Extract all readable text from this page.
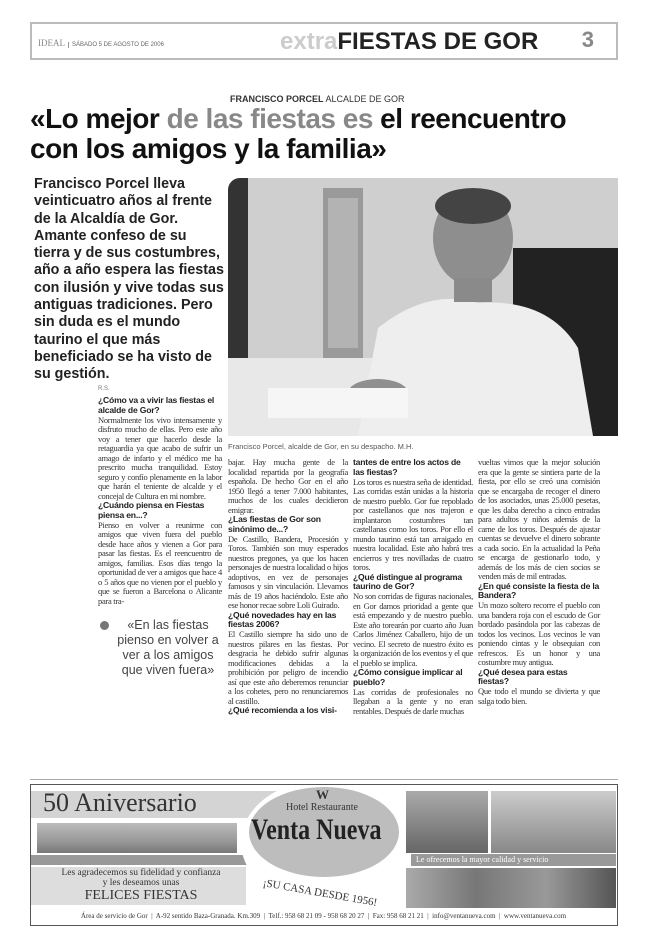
IDEAL SÁBADO 5 DE AGOSTO DE 2006	extraFIESTAS DE GOR 3
FRANCISCO PORCEL ALCALDE DE GOR
«Lo mejor de las fiestas es el reencuentro con los amigos y la familia»

Francisco Porcel lleva veinticuatro años al frente de la Alcaldía de Gor. Amante confeso de su tierra y de sus costumbres, año a año espera las fiestas con ilusión y vive todas sus antiguas tradiciones. Pero sin duda es el mundo taurino el que más beneficiado se ha visto de su gestión.

Francisco Porcel, alcalde de Gor, en su despacho. M.H.
R.S.
¿Cómo va a vivir las fiestas el alcalde de Gor?

Normalmente los vivo intensamente y disfruto mucho de ellas. Pero este año voy a tener que hacerlo desde la retaguardia ya que acabo de sufrir un amago de infarto y el médico me ha prescrito mucha tranquilidad. Estoy seguro y confío plenamente en la labor que harán el teniente de alcalde y el concejal de Cultura en mi nombre.

¿Cuándo piensa en Fiestas piensa en...?

Pienso en volver a reunirme con amigos que viven fuera del pueblo desde hace años y vienen a Gor para pasar las fiestas. Es el reencuentro de amigos, familias. Esos días tengo la oportunidad de ver a amigos que hace 4 o 5 años que no vienen por el pueblo y que se fueron a Barcelona o Alicante para tra-

«En las fiestas pienso en volver a ver a los amigos que viven fuera»

bajar. Hay mucha gente de la localidad repartida por la geografía española. De hecho Gor en el año 1950 llegó a tener 7.000 habitantes, muchos de los cuales decidieron emigrar.

¿Las fiestas de Gor son sinónimo de...?

De Castillo, Bandera, Procesión y Toros. También son muy esperados nuestros pregones, ya que los hacen personajes de nuestra localidad o hijos adoptivos, en vez de personajes famosos y sin vinculación. Llevamos más de 19 años haciéndolo. Este año ese honor recae sobre Loli Guirado.

¿Qué novedades hay en las fiestas 2006?

El Castillo siempre ha sido uno de nuestros pilares en las fiestas. Por desgracia he debido sufrir algunas modificaciones debidas a la prohibición por peligro de incendio así que este año deberemos renunciar a los cohetes, pero no renunciaremos al castillo.

¿Qué recomienda a los visi-
tantes de entre los actos de las fiestas?

Los toros es nuestra seña de identidad. Las corridas están unidas a la historia de nuestro pueblo. Gor fue repoblado por castellanos que nos trajeron e implantaron costumbres tan castellanas como los toros. Por ello el mundo taurino está tan arraigado en nuestra localidad. Este año habrá tres encierros y tres novilladas de cuatro toros.

¿Qué distingue al programa taurino de Gor?

No son corridas de figuras nacionales, en Gor damos prioridad a gente que está empezando y de nuestro pueblo. Este año torearán por cuarto año Juan Carlos Jiménez Caballero, hijo de un vecino. El secreto de nuestro éxito es la organización de los eventos y el que el pueblo se implica.

¿Cómo consigue implicar al pueblo?

Las corridas de profesionales no llegaban a la gente y no eran rentables. Después de darle muchas

vueltas vimos que la mejor solución era que la gente se sintiera parte de la fiesta, por ello se creó una comisión que se encargaba de recoger el dinero de los asociados, unas 25.000 pesetas, que les daba derecho a cinco entradas para adultos y niños además de la carne de los toros. Después de ajustar cuentas se devuelve el dinero sobrante a cada socio. En la actualidad la Peña se encarga de gestionarlo todo, y además de los más de cien socios se venden más de mil entradas.

¿En qué consiste la fiesta de la Bandera?

Un mozo soltero recorre el pueblo con una bandera roja con el escudo de Gor bordado pasándola por las cabezas de todos los vecinos. Los vecinos le van poniendo cintas y le obsequian con refrescos. Es un honor y una costumbre muy antigua.

¿Qué desea para estas fiestas?

Que todo el mundo se divierta y que salga todo bien.

50 Aniversario
Les agradecemos su fidelidad y confianza
y les deseamos unas
FELICES FIESTAS
W
Hotel Restaurante
Venta Nueva
¡SU CASA DESDE 1956!
Le ofrecemos la mayor calidad y servicio
Área de servicio de Gor  |  A-92 sentido Baza-Granada. Km.309  |  Telf.: 958 68 21 09 - 958 68 20 27  |  Fax: 958 68 21 21  |  info@ventanueva.com  |  www.ventanueva.com
